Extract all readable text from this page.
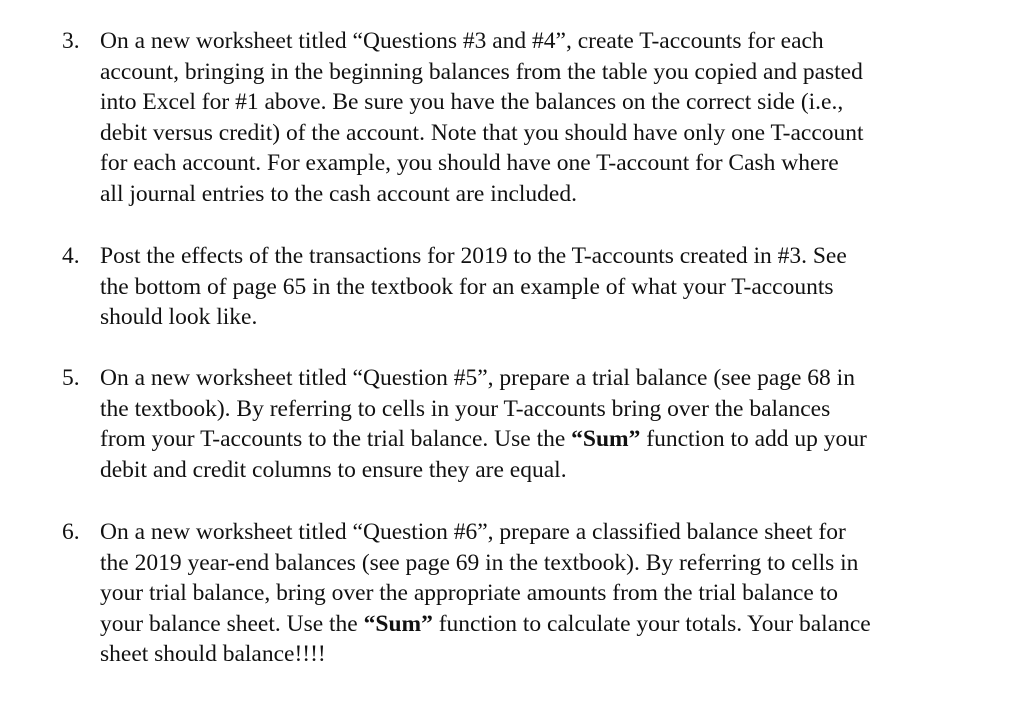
3. On a new worksheet titled “Questions #3 and #4”, create T-accounts for each
account, bringing in the beginning balances from the table you copied and pasted
into Excel for #1 above. Be sure you have the balances on the correct side (i.e.,
debit versus credit) of the account. Note that you should have only one T-account
for each account. For example, you should have one T-account for Cash where
all journal entries to the cash account are included.
4. Post the effects of the transactions for 2019 to the T-accounts created in #3. See
the bottom of page 65 in the textbook for an example of what your T-accounts
should look like.
5. On a new worksheet titled “Question #5”, prepare a trial balance (see page 68 in
the textbook). By referring to cells in your T-accounts bring over the balances
from your T-accounts to the trial balance. Use the “Sum” function to add up your
debit and credit columns to ensure they are equal.
6. On a new worksheet titled “Question #6”, prepare a classified balance sheet for
the 2019 year-end balances (see page 69 in the textbook). By referring to cells in
your trial balance, bring over the appropriate amounts from the trial balance to
your balance sheet. Use the “Sum” function to calculate your totals. Your balance
sheet should balance!!!!
